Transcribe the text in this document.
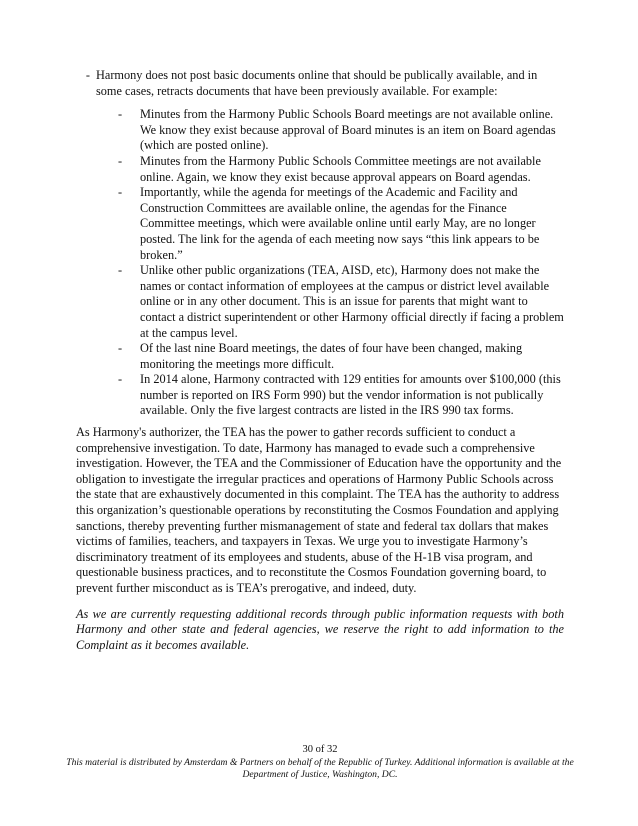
- Harmony does not post basic documents online that should be publically available, and in some cases, retracts documents that have been previously available. For example:

-	Minutes from the Harmony Public Schools Board meetings are not available online. We know they exist because approval of Board minutes is an item on Board agendas (which are posted online).
-	Minutes from the Harmony Public Schools Committee meetings are not available online. Again, we know they exist because approval appears on Board agendas.
-	Importantly, while the agenda for meetings of the Academic and Facility and Construction Committees are available online, the agendas for the Finance Committee meetings, which were available online until early May, are no longer posted. The link for the agenda of each meeting now says “this link appears to be broken.”
-	Unlike other public organizations (TEA, AISD, etc), Harmony does not make the names or contact information of employees at the campus or district level available online or in any other document. This is an issue for parents that might want to contact a district superintendent or other Harmony official directly if facing a problem at the campus level.
-	Of the last nine Board meetings, the dates of four have been changed, making monitoring the meetings more difficult.
-	In 2014 alone, Harmony contracted with 129 entities for amounts over $100,000 (this number is reported on IRS Form 990) but the vendor information is not publically available. Only the five largest contracts are listed in the IRS 990 tax forms.

As Harmony's authorizer, the TEA has the power to gather records sufficient to conduct a comprehensive investigation. To date, Harmony has managed to evade such a comprehensive investigation. However, the TEA and the Commissioner of Education have the opportunity and the obligation to investigate the irregular practices and operations of Harmony Public Schools across the state that are exhaustively documented in this complaint. The TEA has the authority to address this organization’s questionable operations by reconstituting the Cosmos Foundation and applying sanctions, thereby preventing further mismanagement of state and federal tax dollars that makes victims of families, teachers, and taxpayers in Texas. We urge you to investigate Harmony’s discriminatory treatment of its employees and students, abuse of the H-1B visa program, and questionable business practices, and to reconstitute the Cosmos Foundation governing board, to prevent further misconduct as is TEA’s prerogative, and indeed, duty.

As we are currently requesting additional records through public information requests with both Harmony and other state and federal agencies, we reserve the right to add information to the Complaint as it becomes available.

30 of 32
This material is distributed by Amsterdam & Partners on behalf of the Republic of Turkey. Additional information is available at the Department of Justice, Washington, DC.
